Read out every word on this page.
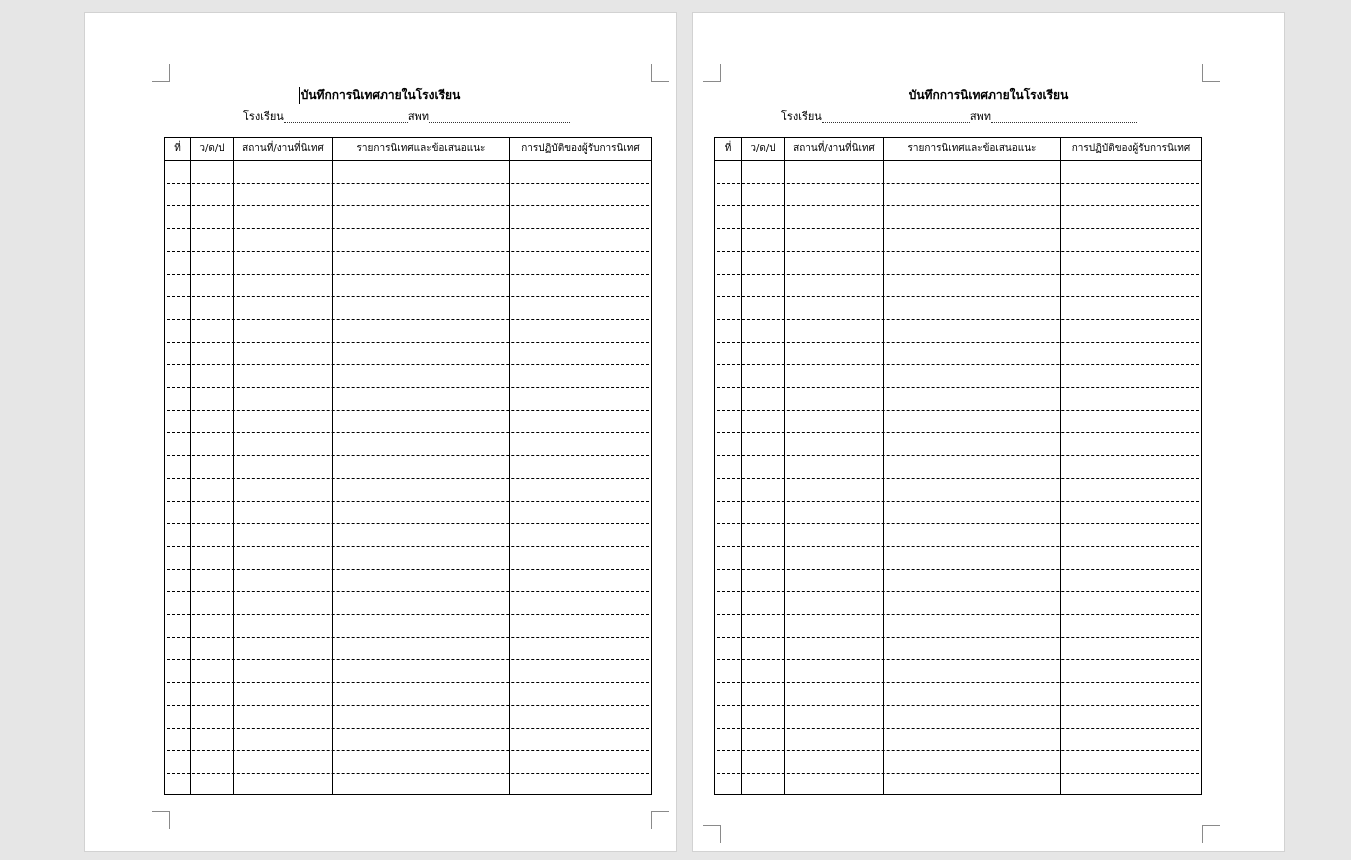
บันทึกการนิเทศภายในโรงเรียน
โรงเรียน	สพท
ที่	ว/ด/ป	สถานที่/งานที่นิเทศ	รายการนิเทศและข้อเสนอแนะ	การปฏิบัติของผู้รับการนิเทศ
บันทึกการนิเทศภายในโรงเรียน
โรงเรียน	สพท
ที่	ว/ด/ป	สถานที่/งานที่นิเทศ	รายการนิเทศและข้อเสนอแนะ	การปฏิบัติของผู้รับการนิเทศ
